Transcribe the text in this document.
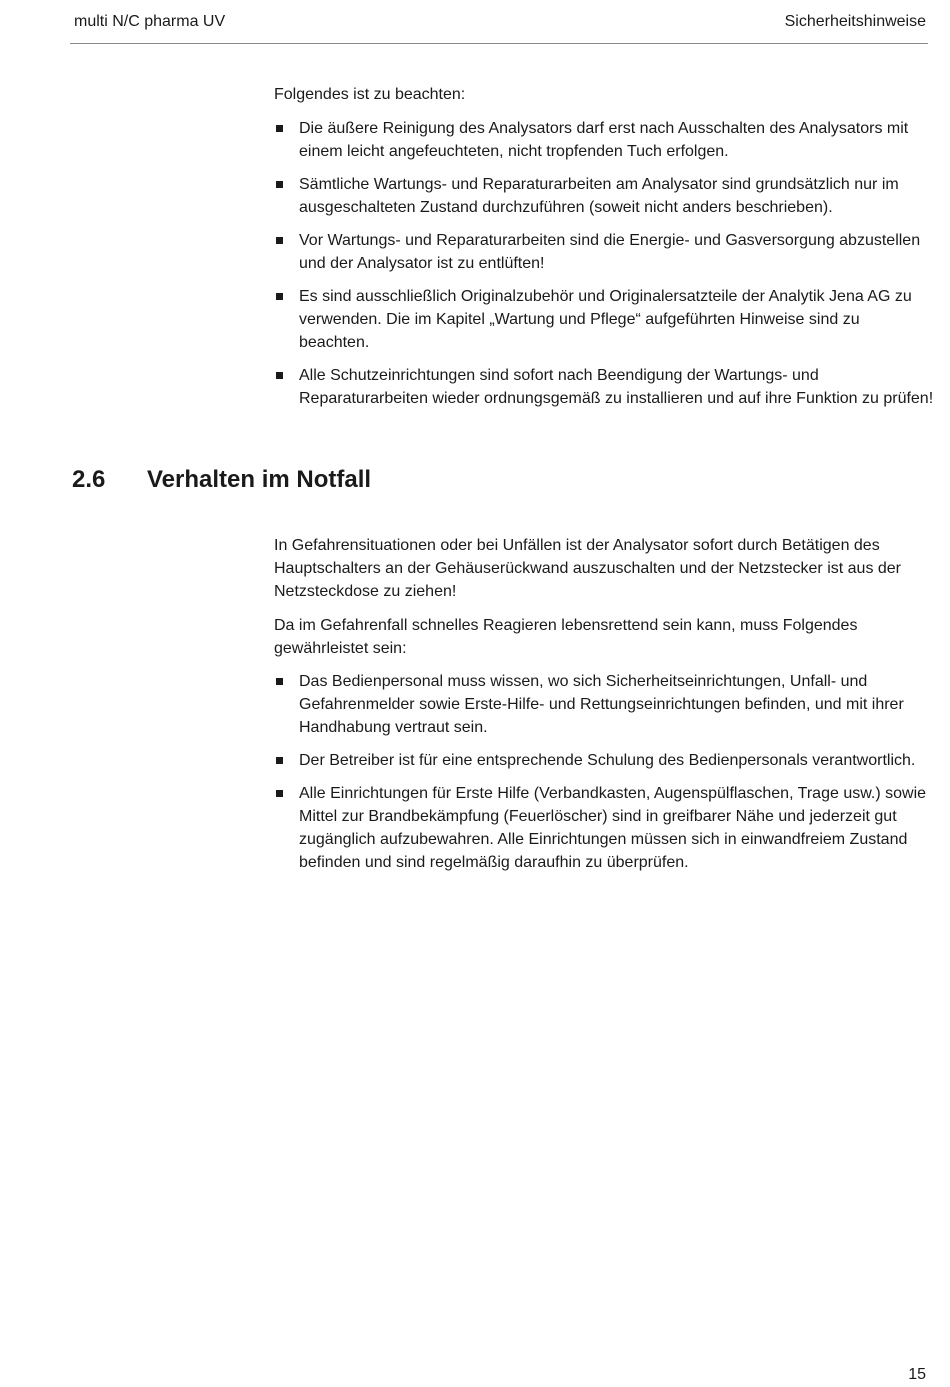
multi N/C pharma UV	Sicherheitshinweise
Folgendes ist zu beachten:
Die äußere Reinigung des Analysators darf erst nach Ausschalten des Analysators mit einem leicht angefeuchteten, nicht tropfenden Tuch erfolgen.
Sämtliche Wartungs- und Reparaturarbeiten am Analysator sind grundsätzlich nur im ausgeschalteten Zustand durchzuführen (soweit nicht anders beschrieben).
Vor Wartungs- und Reparaturarbeiten sind die Energie- und Gasversorgung abzustellen und der Analysator ist zu entlüften!
Es sind ausschließlich Originalzubehör und Originalersatzteile der Analytik Jena AG zu verwenden. Die im Kapitel „Wartung und Pflege“ aufgeführten Hinweise sind zu beachten.
Alle Schutzeinrichtungen sind sofort nach Beendigung der Wartungs- und Reparaturarbeiten wieder ordnungsgemäß zu installieren und auf ihre Funktion zu prüfen!
2.6 Verhalten im Notfall
In Gefahrensituationen oder bei Unfällen ist der Analysator sofort durch Betätigen des Hauptschalters an der Gehäuserückwand auszuschalten und der Netzstecker ist aus der Netzsteckdose zu ziehen!
Da im Gefahrenfall schnelles Reagieren lebensrettend sein kann, muss Folgendes gewährleistet sein:
Das Bedienpersonal muss wissen, wo sich Sicherheitseinrichtungen, Unfall- und Gefahrenmelder sowie Erste-Hilfe- und Rettungseinrichtungen befinden, und mit ihrer Handhabung vertraut sein.
Der Betreiber ist für eine entsprechende Schulung des Bedienpersonals verantwortlich.
Alle Einrichtungen für Erste Hilfe (Verbandkasten, Augenspülflaschen, Trage usw.) sowie Mittel zur Brandbekämpfung (Feuerlöscher) sind in greifbarer Nähe und jederzeit gut zugänglich aufzubewahren. Alle Einrichtungen müssen sich in einwandfreiem Zustand befinden und sind regelmäßig daraufhin zu überprüfen.
15
